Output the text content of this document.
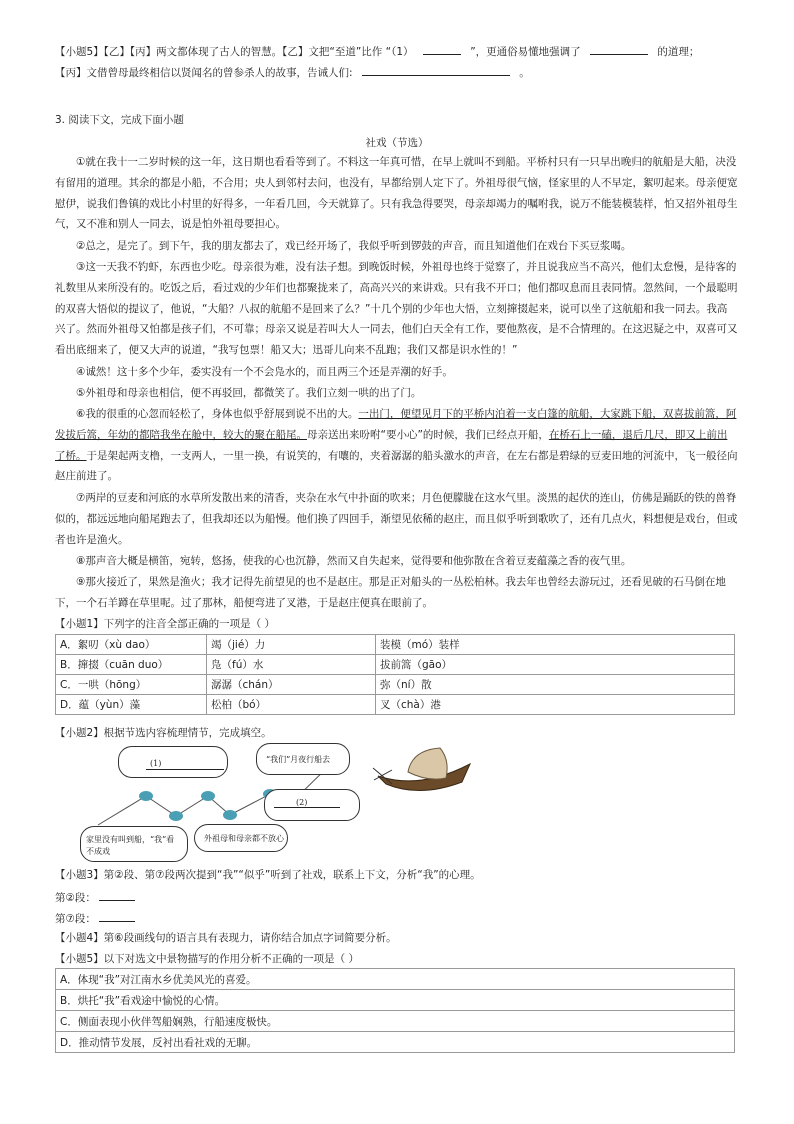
【小题5】【乙】【丙】两文都体现了古人的智慧。【乙】文把“至道”比作 “（1）	”，更通俗易懂地强调了	的道理；
【丙】文借曾母最终相信以贤闻名的曾参杀人的故事，告诫人们:	。
3. 阅读下文，完成下面小题
社戏（节选）
①就在我十一二岁时候的这一年，这日期也看看等到了。不料这一年真可惜，在早上就叫不到船。平桥村只有一只早出晚归的航船是大船，决没
有留用的道理。其余的都是小船，不合用；央人到邻村去问，也没有，早都给别人定下了。外祖母很气恼，怪家里的人不早定，絮叨起来。母亲便宽
慰伊，说我们鲁镇的戏比小村里的好得多，一年看几回，今天就算了。只有我急得要哭，母亲却竭力的嘱咐我，说万不能装模装样，怕又招外祖母生
气，又不准和别人一同去，说是怕外祖母要担心。
②总之，是完了。到下午，我的朋友都去了，戏已经开场了，我似乎听到锣鼓的声音，而且知道他们在戏台下买豆浆喝。
③这一天我不钓虾，东西也少吃。母亲很为难，没有法子想。到晚饭时候，外祖母也终于觉察了，并且说我应当不高兴，他们太怠慢，是待客的
礼数里从来所没有的。吃饭之后，看过戏的少年们也都聚拢来了，高高兴兴的来讲戏。只有我不开口；他们都叹息而且表同情。忽然间，一个最聪明
的双喜大悟似的提议了，他说，“大船？八叔的航船不是回来了么？”十几个别的少年也大悟，立刻撺掇起来，说可以坐了这航船和我一同去。我高
兴了。然而外祖母又怕都是孩子们，不可靠；母亲又说是若叫大人一同去，他们白天全有工作，要他熬夜，是不合情理的。在这迟疑之中，双喜可又
看出底细来了，便又大声的说道，“我写包票！船又大；迅哥儿向来不乱跑；我们又都是识水性的！”
④诚然！这十多个少年，委实没有一个不会凫水的，而且两三个还是弄潮的好手。
⑤外祖母和母亲也相信，便不再驳回，都微笑了。我们立刻一哄的出了门。
⑥我的很重的心忽而轻松了，身体也似乎舒展到说不出的大。一出门，便望见月下的平桥内泊着一支白篷的航船，大家跳下船，双喜拔前篙，阿
发拔后篙，年幼的都陪我坐在舱中，较大的聚在船尾。母亲送出来吩咐“要小心”的时候，我们已经点开船，在桥石上一磕，退后几尺，即又上前出
了桥。于是架起两支橹，一支两人，一里一换，有说笑的，有嚷的，夹着潺潺的船头激水的声音，在左右都是碧绿的豆麦田地的河流中，飞一般径向
赵庄前进了。
⑦两岸的豆麦和河底的水草所发散出来的清香，夹杂在水气中扑面的吹来；月色便朦胧在这水气里。淡黑的起伏的连山，仿佛是踊跃的铁的兽脊
似的，都远远地向船尾跑去了，但我却还以为船慢。他们换了四回手，渐望见依稀的赵庄，而且似乎听到歌吹了，还有几点火，料想便是戏台，但或
者也许是渔火。
⑧那声音大概是横笛，宛转，悠扬，使我的心也沉静，然而又自失起来，觉得要和他弥散在含着豆麦蕴藻之香的夜气里。
⑨那火接近了，果然是渔火；我才记得先前望见的也不是赵庄。那是正对船头的一丛松柏林。我去年也曾经去游玩过，还看见破的石马倒在地
下，一个石羊蹲在草里呢。过了那林，船便弯进了叉港，于是赵庄便真在眼前了。
【小题1】下列字的注音全部正确的一项是（ ）
A．絮叨（xù dao）	竭（jié）力	装模（mó）装样
B．撺掇（cuān duo）	凫（fú）水	拔前篙（gāo）
C．一哄（hōng）	潺潺（chán）	弥（ní）散
D．蕴（yùn）藻	松柏（bó）	叉（chà）港
【小题2】根据节选内容梳理情节，完成填空。
(1)	“我们”月夜行船去
(2)
家里没有叫到船，“我”看
不成戏
外祖母和母亲都不放心
【小题3】第②段、第⑦段两次提到“我”“似乎”听到了社戏，联系上下文，分析“我”的心理。
第②段：
第⑦段：
【小题4】第⑥段画线句的语言具有表现力，请你结合加点字词简要分析。
【小题5】以下对选文中景物描写的作用分析不正确的一项是（ ）
A．体现“我”对江南水乡优美风光的喜爱。
B．烘托“我”看戏途中愉悦的心情。
C．侧面表现小伙伴驾船娴熟，行船速度极快。
D．推动情节发展，反衬出看社戏的无聊。
